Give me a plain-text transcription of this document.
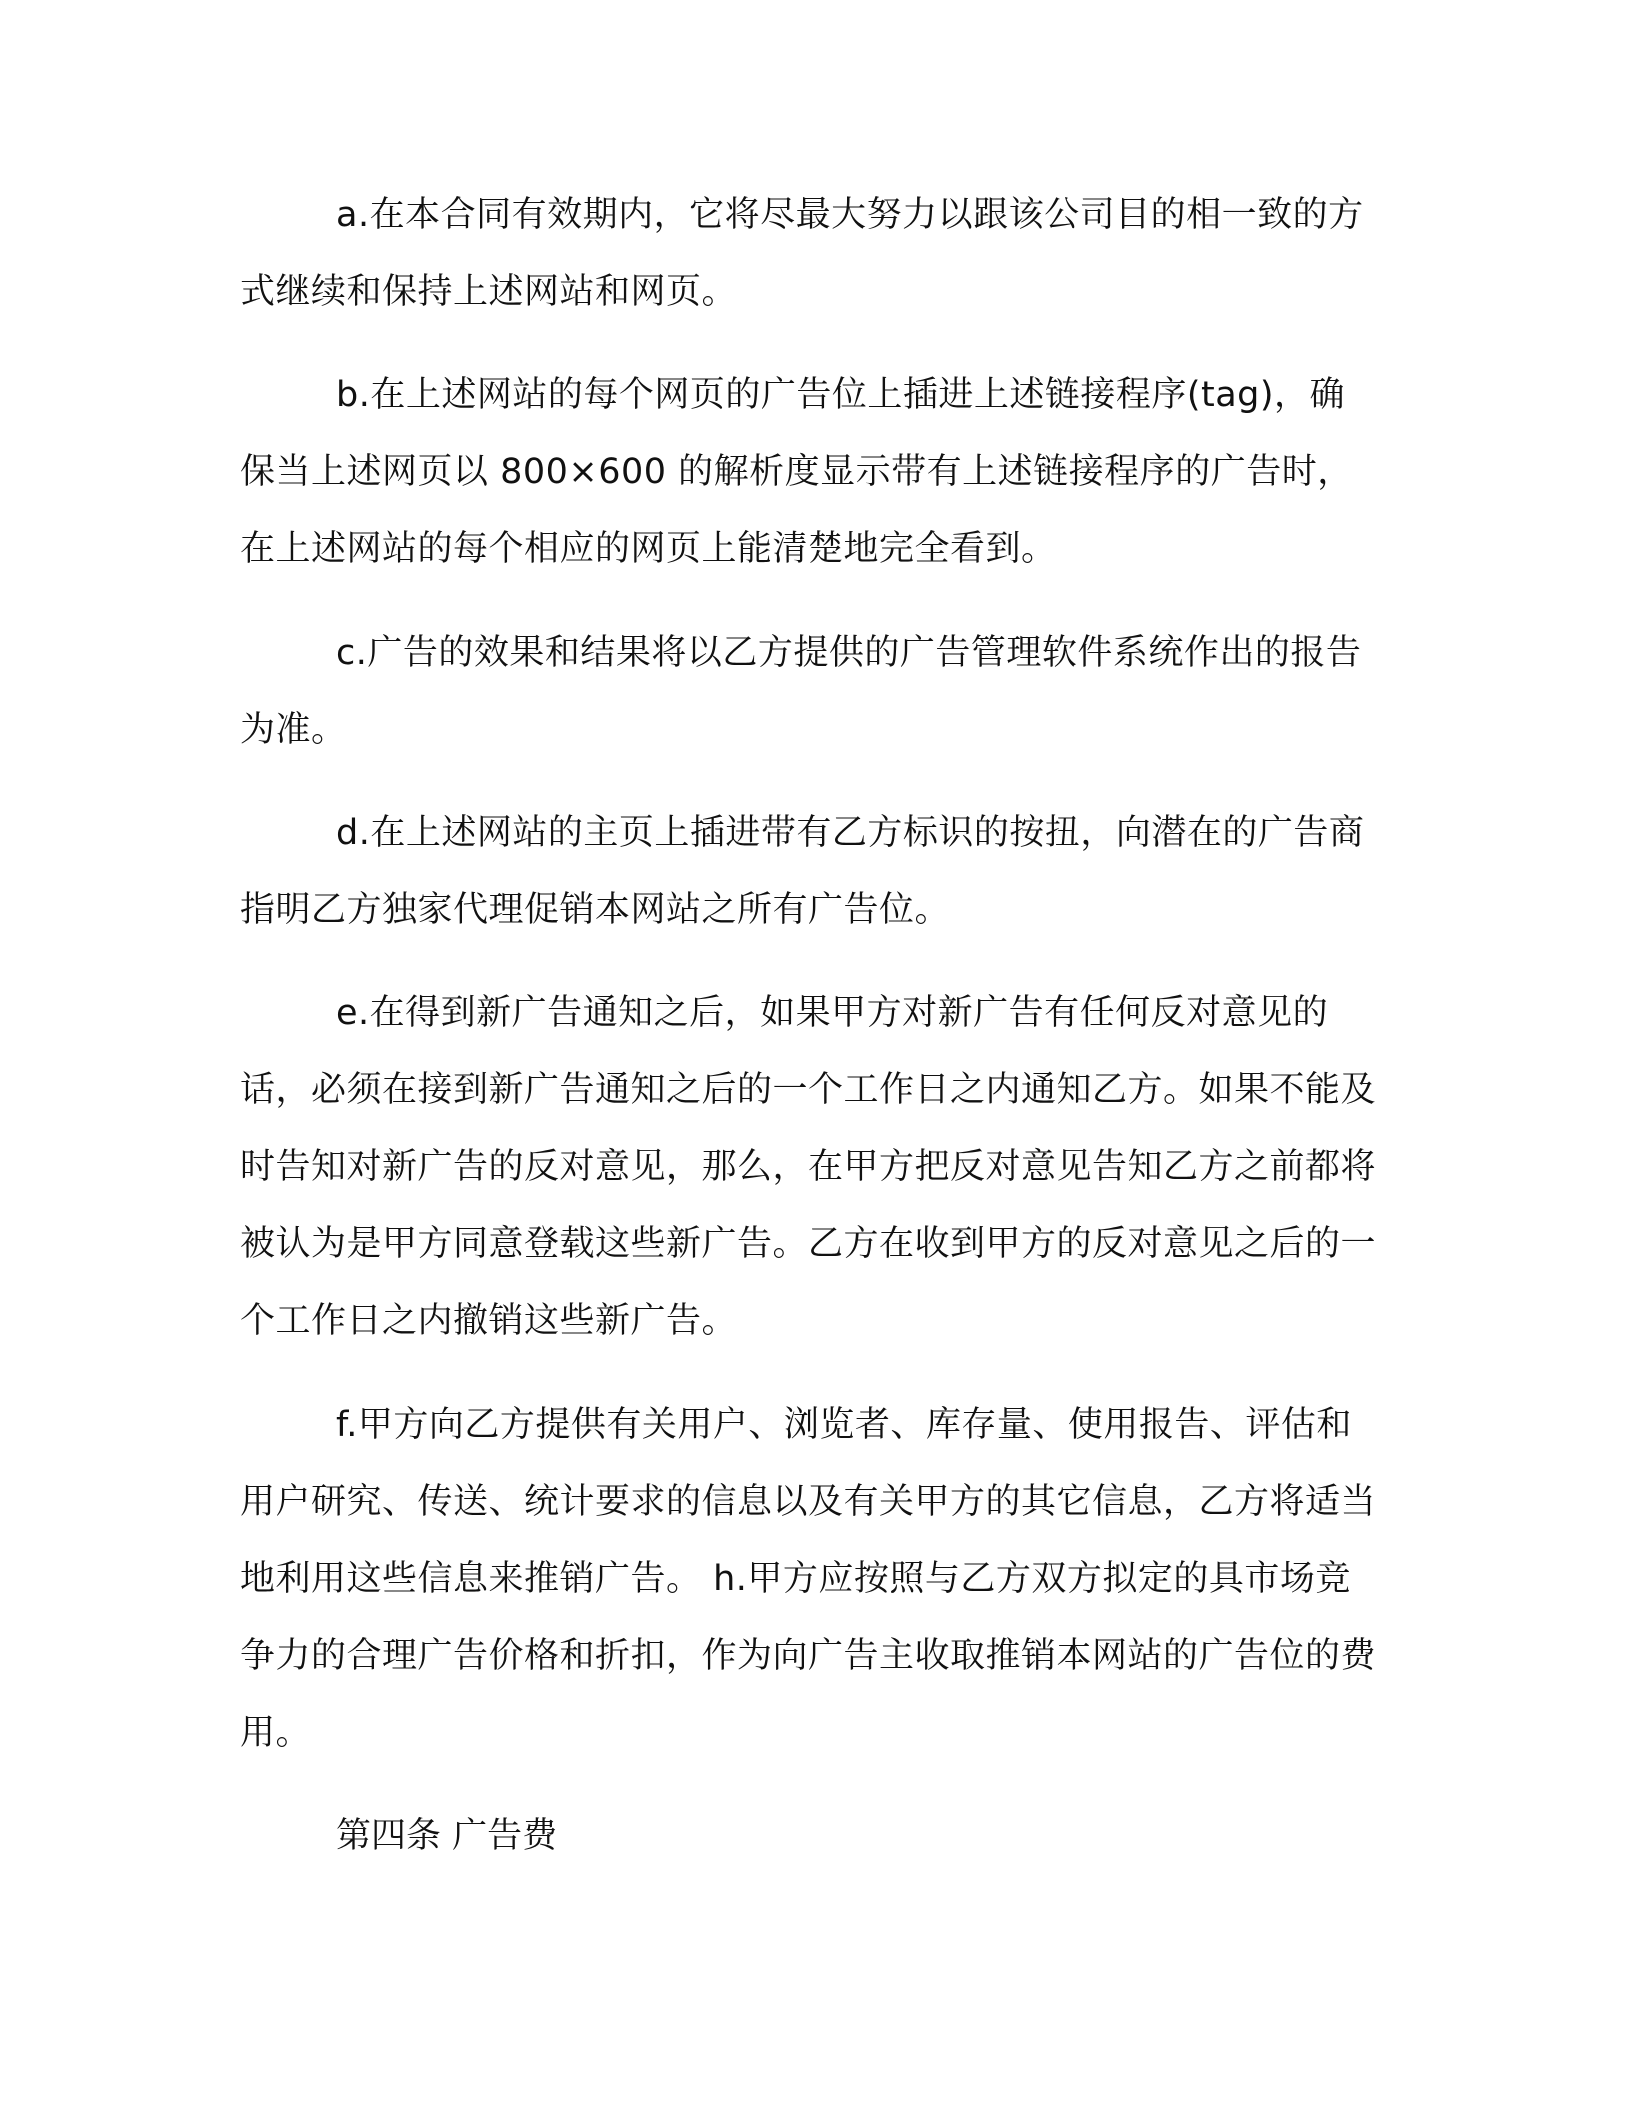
a.在本合同有效期内，它将尽最大努力以跟该公司目的相一致的方式继续和保持上述网站和网页。

b.在上述网站的每个网页的广告位上插进上述链接程序(tag)，确保当上述网页以 800×600 的解析度显示带有上述链接程序的广告时，在上述网站的每个相应的网页上能清楚地完全看到。

c.广告的效果和结果将以乙方提供的广告管理软件系统作出的报告为准。

d.在上述网站的主页上插进带有乙方标识的按扭，向潜在的广告商指明乙方独家代理促销本网站之所有广告位。

e.在得到新广告通知之后，如果甲方对新广告有任何反对意见的话，必须在接到新广告通知之后的一个工作日之内通知乙方。如果不能及时告知对新广告的反对意见，那么，在甲方把反对意见告知乙方之前都将被认为是甲方同意登载这些新广告。乙方在收到甲方的反对意见之后的一个工作日之内撤销这些新广告。

f.甲方向乙方提供有关用户、浏览者、库存量、使用报告、评估和用户研究、传送、统计要求的信息以及有关甲方的其它信息，乙方将适当地利用这些信息来推销广告。 h.甲方应按照与乙方双方拟定的具市场竞争力的合理广告价格和折扣，作为向广告主收取推销本网站的广告位的费用。

第四条 广告费
